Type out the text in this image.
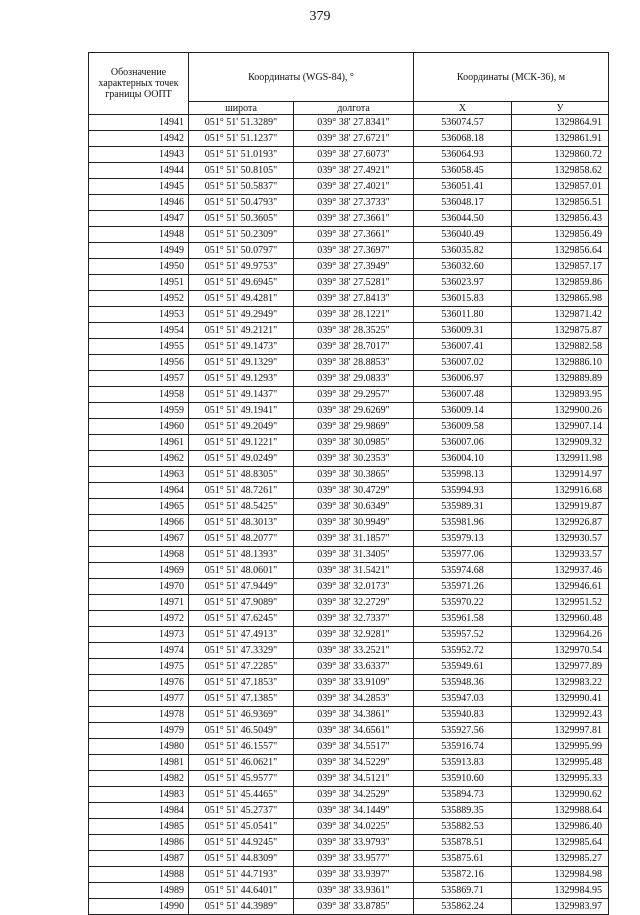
379
Обозначение характерных точек границы ООПТ	Координаты (WGS-84), °		Координаты (МСК-36), м	
	широта	долгота	X	У
14941	051° 51' 51.3289"	039° 38' 27.8341"	536074.57	1329864.91
14942	051° 51' 51.1237"	039° 38' 27.6721"	536068.18	1329861.91
14943	051° 51' 51.0193"	039° 38' 27.6073"	536064.93	1329860.72
14944	051° 51' 50.8105"	039° 38' 27.4921"	536058.45	1329858.62
14945	051° 51' 50.5837"	039° 38' 27.4021"	536051.41	1329857.01
14946	051° 51' 50.4793"	039° 38' 27.3733"	536048.17	1329856.51
14947	051° 51' 50.3605"	039° 38' 27.3661"	536044.50	1329856.43
14948	051° 51' 50.2309"	039° 38' 27.3661"	536040.49	1329856.49
14949	051° 51' 50.0797"	039° 38' 27.3697"	536035.82	1329856.64
14950	051° 51' 49.9753"	039° 38' 27.3949"	536032.60	1329857.17
14951	051° 51' 49.6945"	039° 38' 27.5281"	536023.97	1329859.86
14952	051° 51' 49.4281"	039° 38' 27.8413"	536015.83	1329865.98
14953	051° 51' 49.2949"	039° 38' 28.1221"	536011.80	1329871.42
14954	051° 51' 49.2121"	039° 38' 28.3525"	536009.31	1329875.87
14955	051° 51' 49.1473"	039° 38' 28.7017"	536007.41	1329882.58
14956	051° 51' 49.1329"	039° 38' 28.8853"	536007.02	1329886.10
14957	051° 51' 49.1293"	039° 38' 29.0833"	536006.97	1329889.89
14958	051° 51' 49.1437"	039° 38' 29.2957"	536007.48	1329893.95
14959	051° 51' 49.1941"	039° 38' 29.6269"	536009.14	1329900.26
14960	051° 51' 49.2049"	039° 38' 29.9869"	536009.58	1329907.14
14961	051° 51' 49.1221"	039° 38' 30.0985"	536007.06	1329909.32
14962	051° 51' 49.0249"	039° 38' 30.2353"	536004.10	1329911.98
14963	051° 51' 48.8305"	039° 38' 30.3865"	535998.13	1329914.97
14964	051° 51' 48.7261"	039° 38' 30.4729"	535994.93	1329916.68
14965	051° 51' 48.5425"	039° 38' 30.6349"	535989.31	1329919.87
14966	051° 51' 48.3013"	039° 38' 30.9949"	535981.96	1329926.87
14967	051° 51' 48.2077"	039° 38' 31.1857"	535979.13	1329930.57
14968	051° 51' 48.1393"	039° 38' 31.3405"	535977.06	1329933.57
14969	051° 51' 48.0601"	039° 38' 31.5421"	535974.68	1329937.46
14970	051° 51' 47.9449"	039° 38' 32.0173"	535971.26	1329946.61
14971	051° 51' 47.9089"	039° 38' 32.2729"	535970.22	1329951.52
14972	051° 51' 47.6245"	039° 38' 32.7337"	535961.58	1329960.48
14973	051° 51' 47.4913"	039° 38' 32.9281"	535957.52	1329964.26
14974	051° 51' 47.3329"	039° 38' 33.2521"	535952.72	1329970.54
14975	051° 51' 47.2285"	039° 38' 33.6337"	535949.61	1329977.89
14976	051° 51' 47.1853"	039° 38' 33.9109"	535948.36	1329983.22
14977	051° 51' 47.1385"	039° 38' 34.2853"	535947.03	1329990.41
14978	051° 51' 46.9369"	039° 38' 34.3861"	535940.83	1329992.43
14979	051° 51' 46.5049"	039° 38' 34.6561"	535927.56	1329997.81
14980	051° 51' 46.1557"	039° 38' 34.5517"	535916.74	1329995.99
14981	051° 51' 46.0621"	039° 38' 34.5229"	535913.83	1329995.48
14982	051° 51' 45.9577"	039° 38' 34.5121"	535910.60	1329995.33
14983	051° 51' 45.4465"	039° 38' 34.2529"	535894.73	1329990.62
14984	051° 51' 45.2737"	039° 38' 34.1449"	535889.35	1329988.64
14985	051° 51' 45.0541"	039° 38' 34.0225"	535882.53	1329986.40
14986	051° 51' 44.9245"	039° 38' 33.9793"	535878.51	1329985.64
14987	051° 51' 44.8309"	039° 38' 33.9577"	535875.61	1329985.27
14988	051° 51' 44.7193"	039° 38' 33.9397"	535872.16	1329984.98
14989	051° 51' 44.6401"	039° 38' 33.9361"	535869.71	1329984.95
14990	051° 51' 44.3989"	039° 38' 33.8785"	535862.24	1329983.97
